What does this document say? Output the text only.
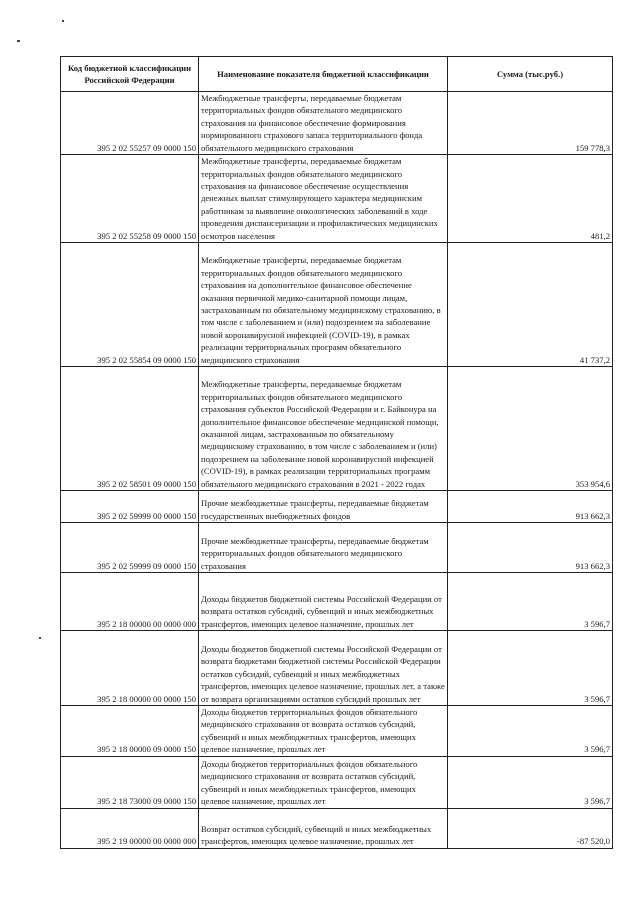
Код бюджетной классификации Российской Федерации	Наименование показателя бюджетной классификации	Сумма (тыс.руб.)
395 2 02 55257 09 0000 150	Межбюджетные трансферты, передаваемые бюджетам территориальных фондов обязательного медицинского страхования на финансовое обеспечение формирования нормированного страхового запаса территориального фонда обязательного медицинского страхования	159 778,3
395 2 02 55258 09 0000 150	Межбюджетные трансферты, передаваемые бюджетам территориальных фондов обязательного медицинского страхования на финансовое обеспечение осуществления денежных выплат стимулирующего характера медицинским работникам за выявление онкологических заболеваний в ходе проведения диспансеризации и профилактических медицинских осмотров населения	481,2
395 2 02 55854 09 0000 150	Межбюджетные трансферты, передаваемые бюджетам территориальных фондов обязательного медицинского страхования на дополнительное финансовое обеспечение оказания первичной медико-санитарной помощи лицам, застрахованным по обязательному медицинскому страхованию, в том числе с заболеванием и (или) подозрением на заболевание новой коронавирусной инфекцией (COVID-19), в рамках реализации территориальных программ обязательного медицинского страхования	41 737,2
395 2 02 58501 09 0000 150	Межбюджетные трансферты, передаваемые бюджетам территориальных фондов обязательного медицинского страхования субъектов Российской Федерации и г. Байконура на дополнительное финансовое обеспечение медицинской помощи, оказанной лицам, застрахованным по обязательному медицинскому страхованию, в том числе с заболеванием и (или) подозрением на заболевание новой коронавирусной инфекцией (COVID-19), в рамках реализации территориальных программ обязательного медицинского страхования в 2021 - 2022 годах	353 954,6
395 2 02 59999 00 0000 150	Прочие межбюджетные трансферты, передаваемые бюджетам государственных внебюджетных фондов	913 662,3
395 2 02 59999 09 0000 150	Прочие межбюджетные трансферты, передаваемые бюджетам территориальных фондов обязательного медицинского страхования	913 662,3
395 2 18 00000 00 0000 000	Доходы бюджетов бюджетной системы Российской Федерации от возврата остатков субсидий, субвенций и иных межбюджетных трансфертов, имеющих целевое назначение, прошлых лет	3 596,7
395 2 18 00000 00 0000 150	Доходы бюджетов бюджетной системы Российской Федерации от возврата бюджетами бюджетной системы Российской Федерации остатков субсидий, субвенций и иных межбюджетных трансфертов, имеющих целевое назначение, прошлых лет, а также от возврата организациями остатков субсидий прошлых лет	3 596,7
395 2 18 00000 09 0000 150	Доходы бюджетов территориальных фондов обязательного медицинского страхования от возврата остатков субсидий, субвенций и иных межбюджетных трансфертов, имеющих целевое назначение, прошлых лет	3 596,7
395 2 18 73000 09 0000 150	Доходы бюджетов территориальных фондов обязательного медицинского страхования от возврата остатков субсидий, субвенций и иных межбюджетных трансфертов, имеющих целевое назначение, прошлых лет	3 596,7
395 2 19 00000 00 0000 000	Возврат остатков субсидий, субвенций и иных межбюджетных трансфертов, имеющих целевое назначение, прошлых лет	-87 520,0
